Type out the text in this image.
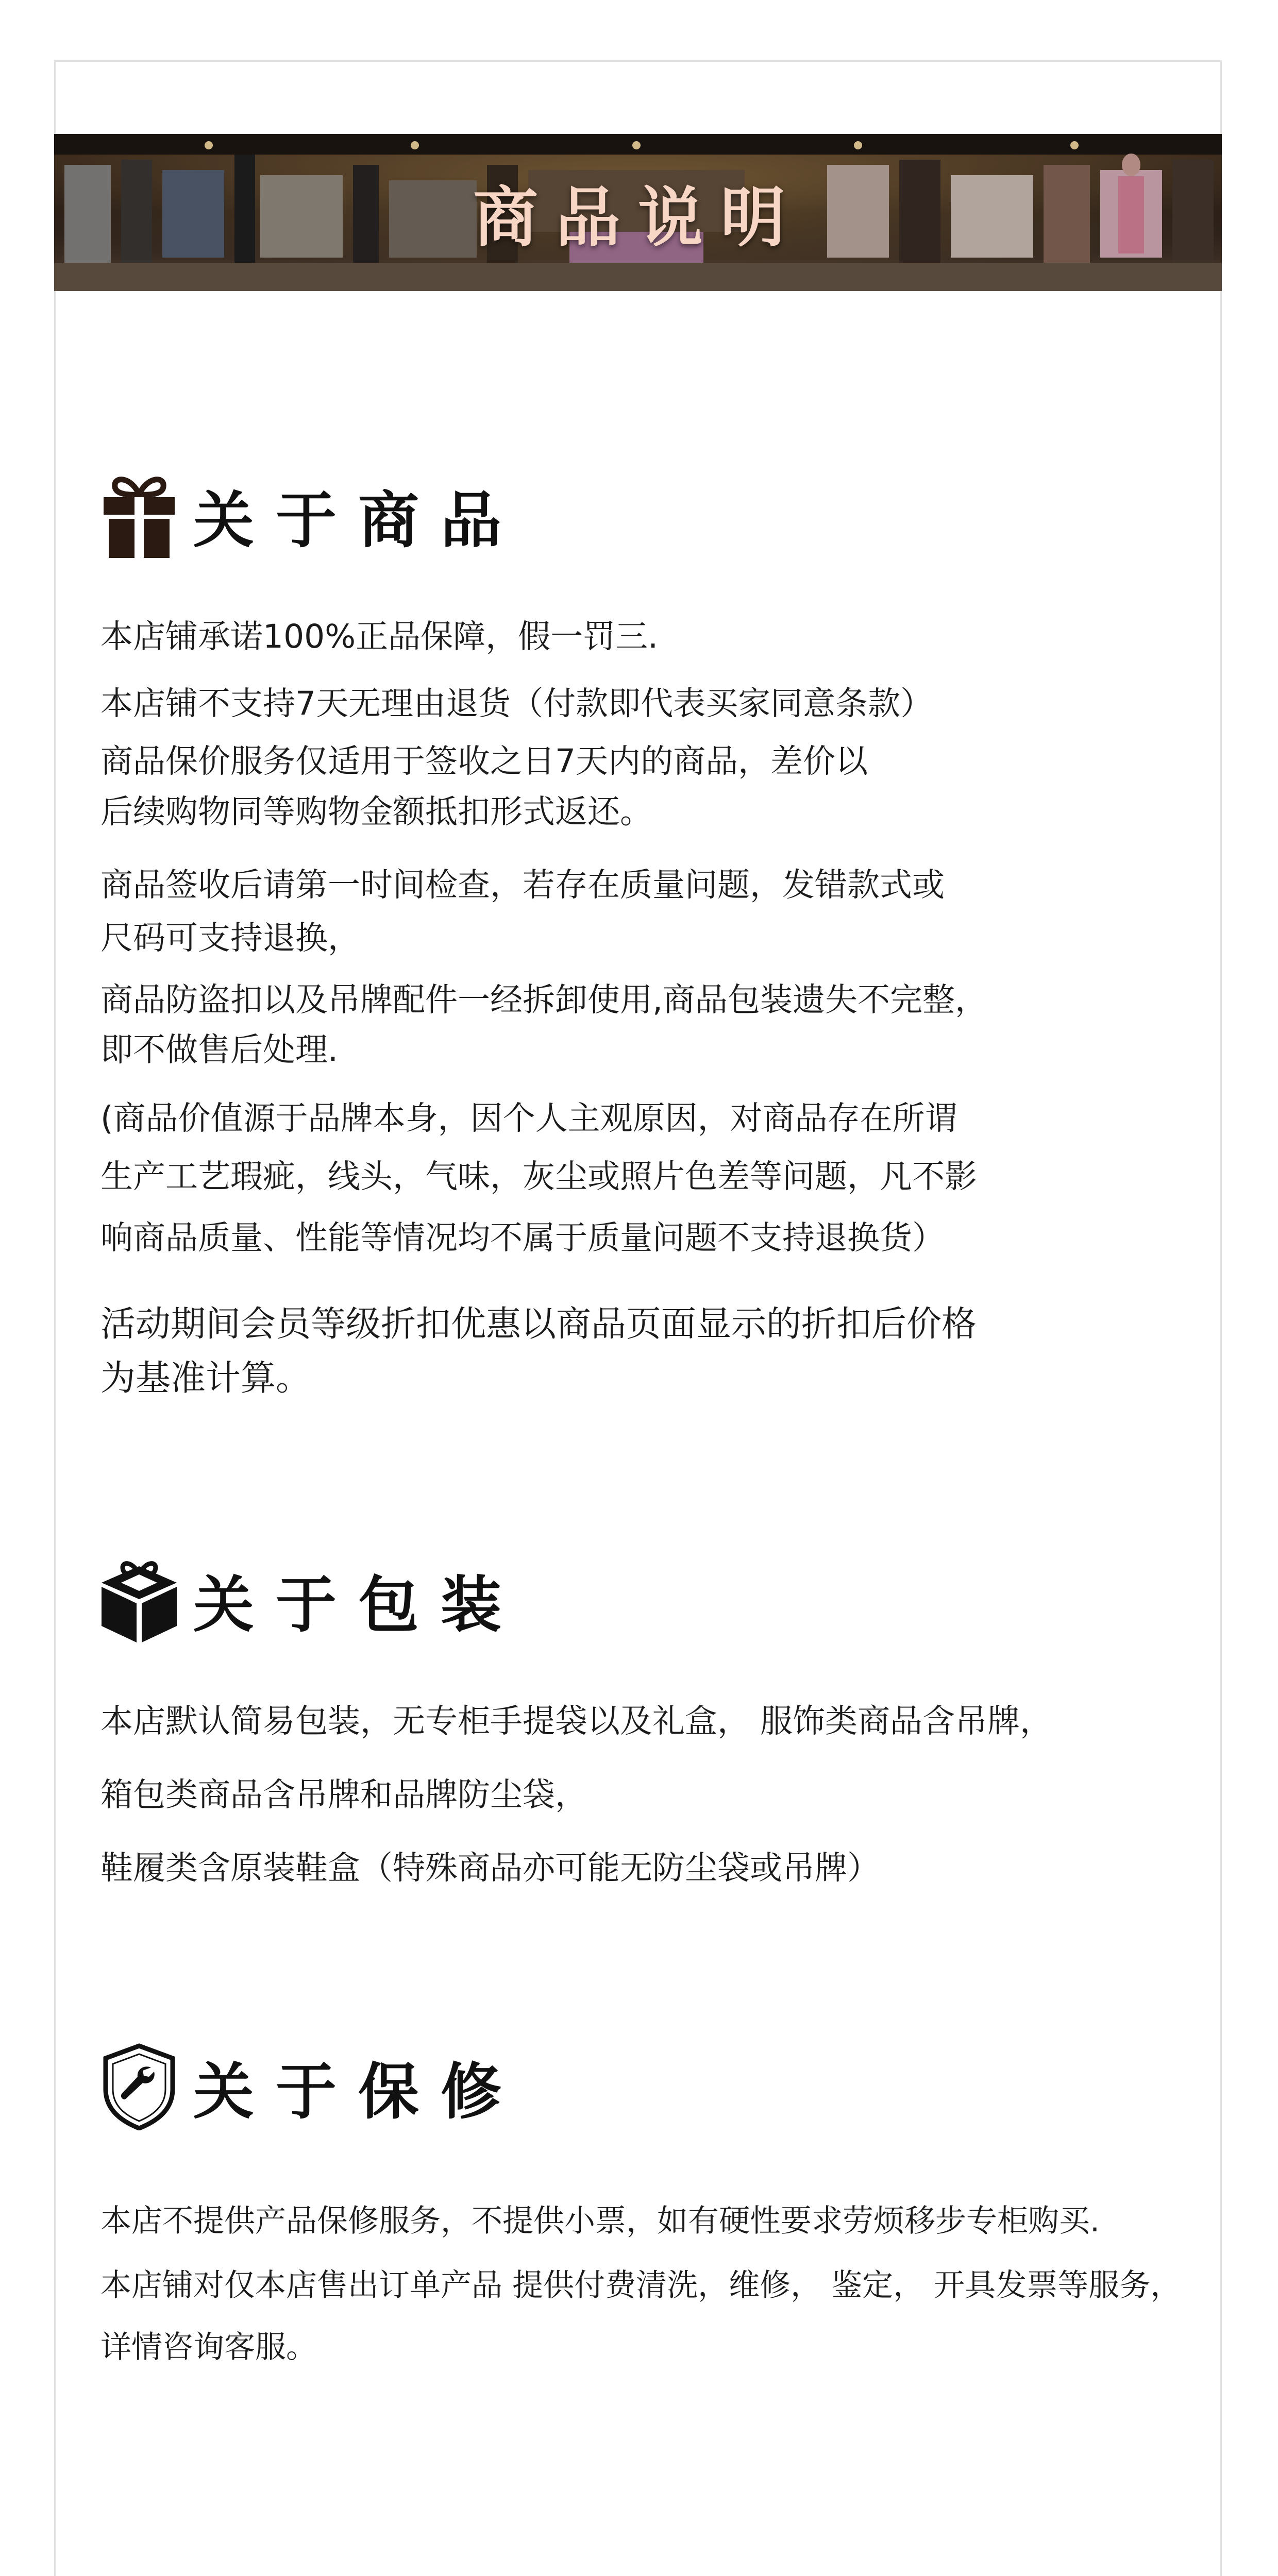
商品说明
关于商品
本店铺承诺100%正品保障，假一罚三.
本店铺不支持7天无理由退货（付款即代表买家同意条款）
商品保价服务仅适用于签收之日7天内的商品，差价以
后续购物同等购物金额抵扣形式返还。
商品签收后请第一时间检查，若存在质量问题，发错款式或
尺码可支持退换，
商品防盗扣以及吊牌配件一经拆卸使用,商品包装遗失不完整，
即不做售后处理.
(商品价值源于品牌本身，因个人主观原因，对商品存在所谓
生产工艺瑕疵，线头，气味，灰尘或照片色差等问题，凡不影
响商品质量、性能等情况均不属于质量问题不支持退换货）
活动期间会员等级折扣优惠以商品页面显示的折扣后价格
为基准计算。
关于包装
本店默认简易包装，无专柜手提袋以及礼盒， 服饰类商品含吊牌，
箱包类商品含吊牌和品牌防尘袋，
鞋履类含原装鞋盒（特殊商品亦可能无防尘袋或吊牌）
关于保修
本店不提供产品保修服务，不提供小票，如有硬性要求劳烦移步专柜购买.
本店铺对仅本店售出订单产品 提供付费清洗，维修， 鉴定， 开具发票等服务，
详情咨询客服。
